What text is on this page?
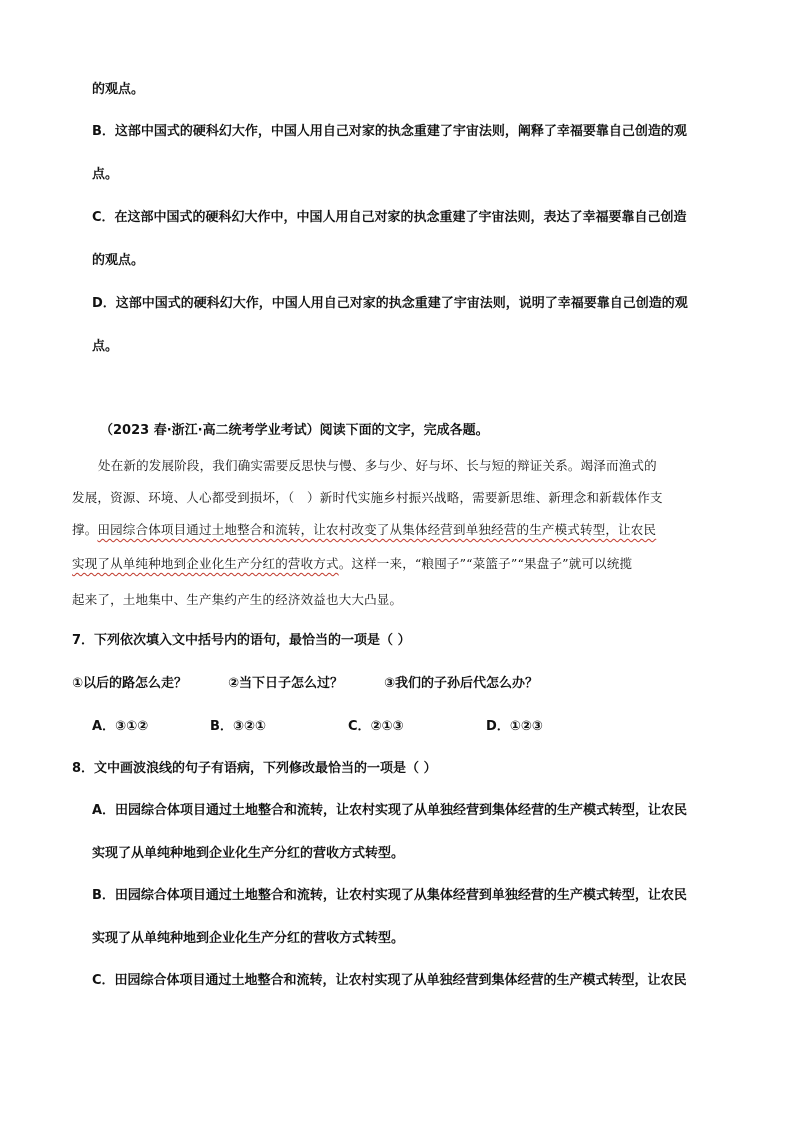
的观点。
B．这部中国式的硬科幻大作，中国人用自己对家的执念重建了宇宙法则，阐释了幸福要靠自己创造的观
点。
C．在这部中国式的硬科幻大作中，中国人用自己对家的执念重建了宇宙法则，表达了幸福要靠自己创造
的观点。
D．这部中国式的硬科幻大作，中国人用自己对家的执念重建了宇宙法则，说明了幸福要靠自己创造的观
点。
（2023 春·浙江·高二统考学业考试）阅读下面的文字，完成各题。
处在新的发展阶段，我们确实需要反思快与慢、多与少、好与坏、长与短的辩证关系。竭泽而渔式的
发展，资源、环境、人心都受到损坏，（　）新时代实施乡村振兴战略，需要新思维、新理念和新载体作支
撑。田园综合体项目通过土地整合和流转，让农村改变了从集体经营到单独经营的生产模式转型，让农民
实现了从单纯种地到企业化生产分红的营收方式。这样一来，“粮囤子”“菜篮子”“果盘子”就可以统揽
起来了，土地集中、生产集约产生的经济效益也大大凸显。
7．下列依次填入文中括号内的语句，最恰当的一项是（ ）
①以后的路怎么走？	②当下日子怎么过？	③我们的子孙后代怎么办？
A．③①②	B．③②①	C．②①③	D．①②③
8．文中画波浪线的句子有语病，下列修改最恰当的一项是（ ）
A．田园综合体项目通过土地整合和流转，让农村实现了从单独经营到集体经营的生产模式转型，让农民
实现了从单纯种地到企业化生产分红的营收方式转型。
B．田园综合体项目通过土地整合和流转，让农村实现了从集体经营到单独经营的生产模式转型，让农民
实现了从单纯种地到企业化生产分红的营收方式转型。
C．田园综合体项目通过土地整合和流转，让农村实现了从单独经营到集体经营的生产模式转型，让农民
